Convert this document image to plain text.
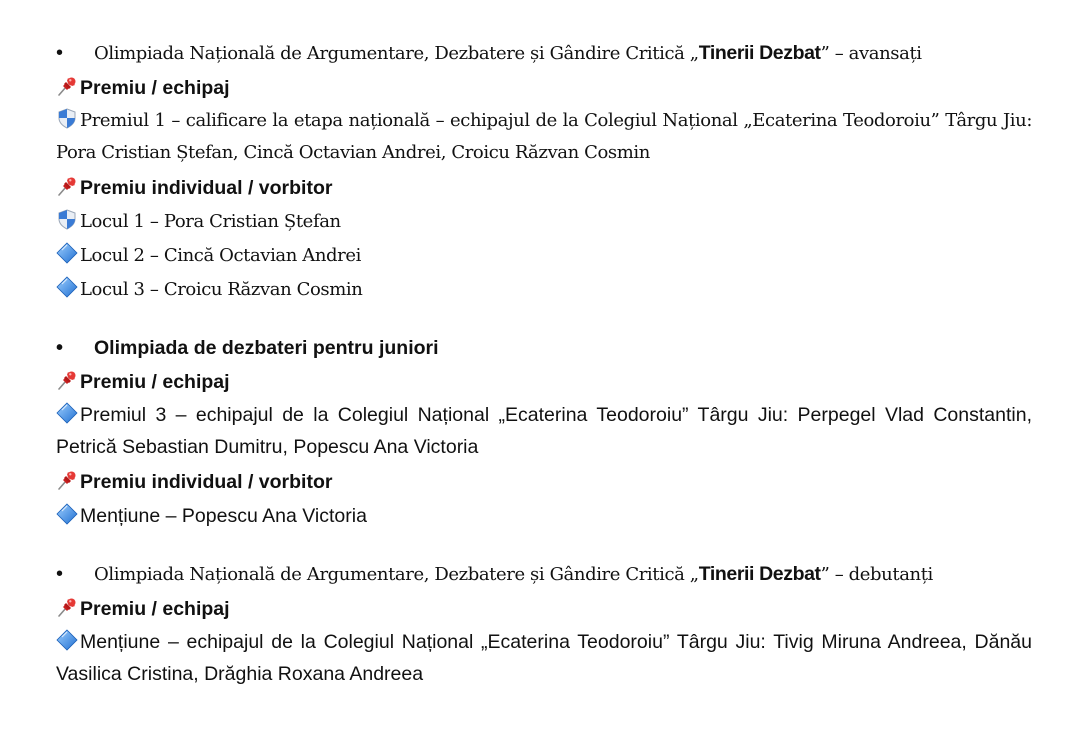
• Olimpiada Națională de Argumentare, Dezbatere și Gândire Critică „Tinerii Dezbat” – avansați
Premiu / echipaj
Premiul 1 – calificare la etapa națională – echipajul de la Colegiul Național „Ecaterina Teodoroiu” Târgu Jiu: Pora Cristian Ștefan, Cincă Octavian Andrei, Croicu Răzvan Cosmin
Premiu individual / vorbitor
Locul 1 – Pora Cristian Ștefan
Locul 2 – Cincă Octavian Andrei
Locul 3 – Croicu Răzvan Cosmin
• Olimpiada de dezbateri pentru juniori
Premiu / echipaj
Premiul 3 – echipajul de la Colegiul Național „Ecaterina Teodoroiu” Târgu Jiu: Perpegel Vlad Constantin, Petrică Sebastian Dumitru, Popescu Ana Victoria
Premiu individual / vorbitor
Mențiune – Popescu Ana Victoria
• Olimpiada Națională de Argumentare, Dezbatere și Gândire Critică „Tinerii Dezbat” – debutanți
Premiu / echipaj
Mențiune – echipajul de la Colegiul Național „Ecaterina Teodoroiu” Târgu Jiu: Tivig Miruna Andreea, Dănău Vasilica Cristina, Drăghia Roxana Andreea
